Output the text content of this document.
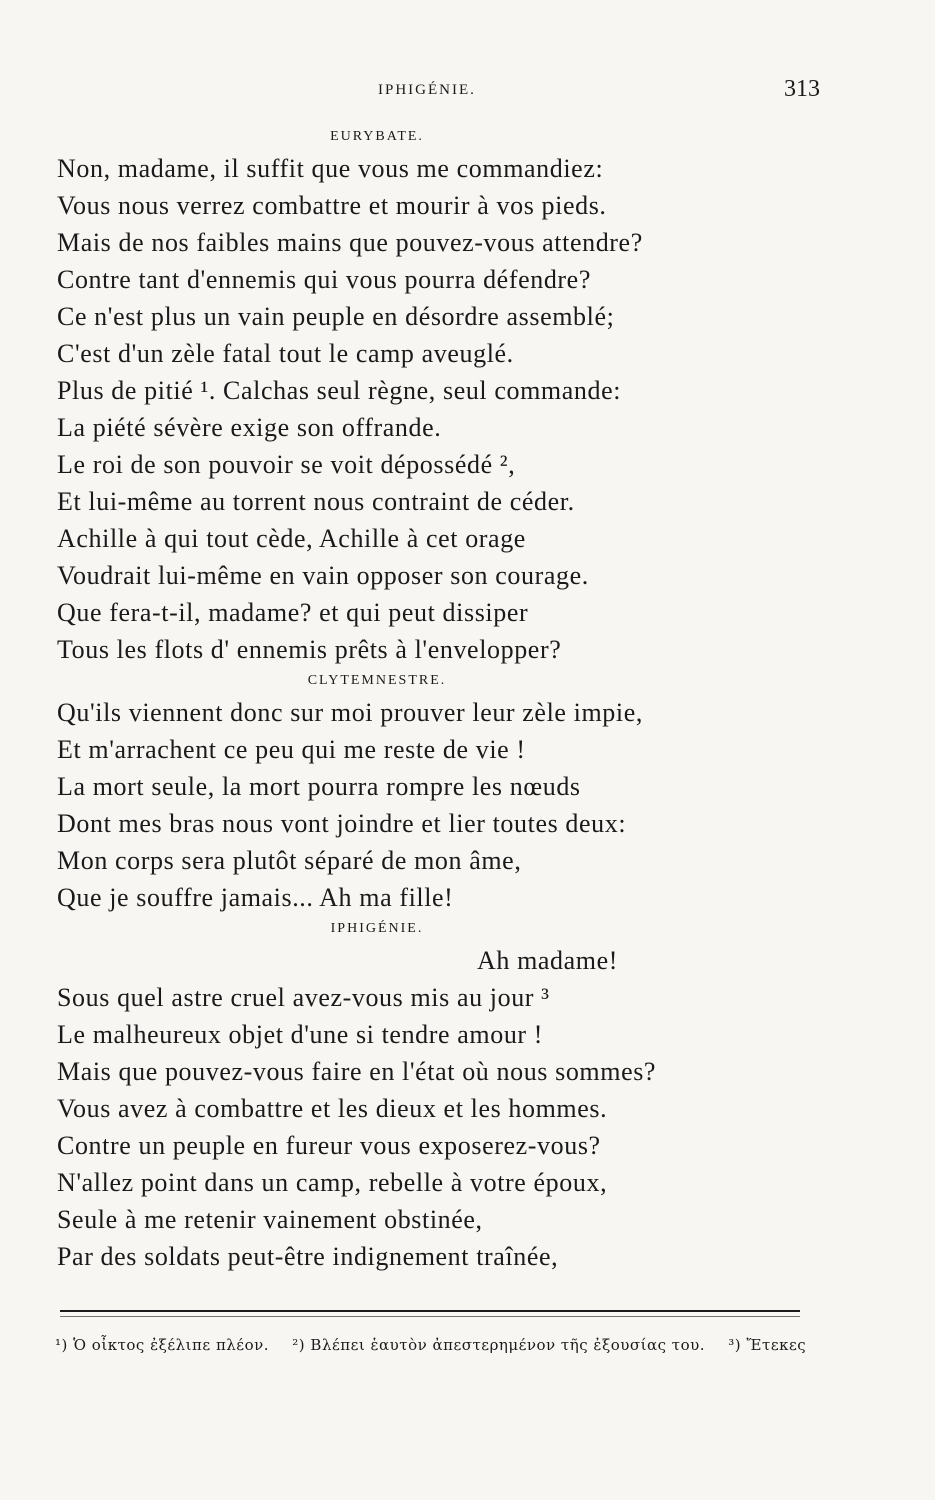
IPHIGÉNIE.	313
EURYBATE.
Non, madame, il suffit que vous me commandiez:
Vous nous verrez combattre et mourir à vos pieds.
Mais de nos faibles mains que pouvez-vous attendre?
Contre tant d'ennemis qui vous pourra défendre?
Ce n'est plus un vain peuple en désordre assemblé;
C'est d'un zèle fatal tout le camp aveuglé.
Plus de pitié ¹. Calchas seul règne, seul commande:
La piété sévère exige son offrande.
Le roi de son pouvoir se voit dépossédé ²,
Et lui-même au torrent nous contraint de céder.
Achille à qui tout cède, Achille à cet orage
Voudrait lui-même en vain opposer son courage.
Que fera-t-il, madame? et qui peut dissiper
Tous les flots d' ennemis prêts à l'envelopper?
CLYTEMNESTRE.
Qu'ils viennent donc sur moi prouver leur zèle impie,
Et m'arrachent ce peu qui me reste de vie !
La mort seule, la mort pourra rompre les nœuds
Dont mes bras nous vont joindre et lier toutes deux:
Mon corps sera plutôt séparé de mon âme,
Que je souffre jamais... Ah ma fille!
IPHIGÉNIE.
Ah madame!
Sous quel astre cruel avez-vous mis au jour ³
Le malheureux objet d'une si tendre amour !
Mais que pouvez-vous faire en l'état où nous sommes?
Vous avez à combattre et les dieux et les hommes.
Contre un peuple en fureur vous exposerez-vous?
N'allez point dans un camp, rebelle à votre époux,
Seule à me retenir vainement obstinée,
Par des soldats peut-être indignement traînée,
¹) Ὁ οἶκτος ἐξέλιπε πλέον. ²) Βλέπει ἑαυτὸν ἀπεστερημένον τῆς ἐξουσίας του. ³) Ἔτεκες
